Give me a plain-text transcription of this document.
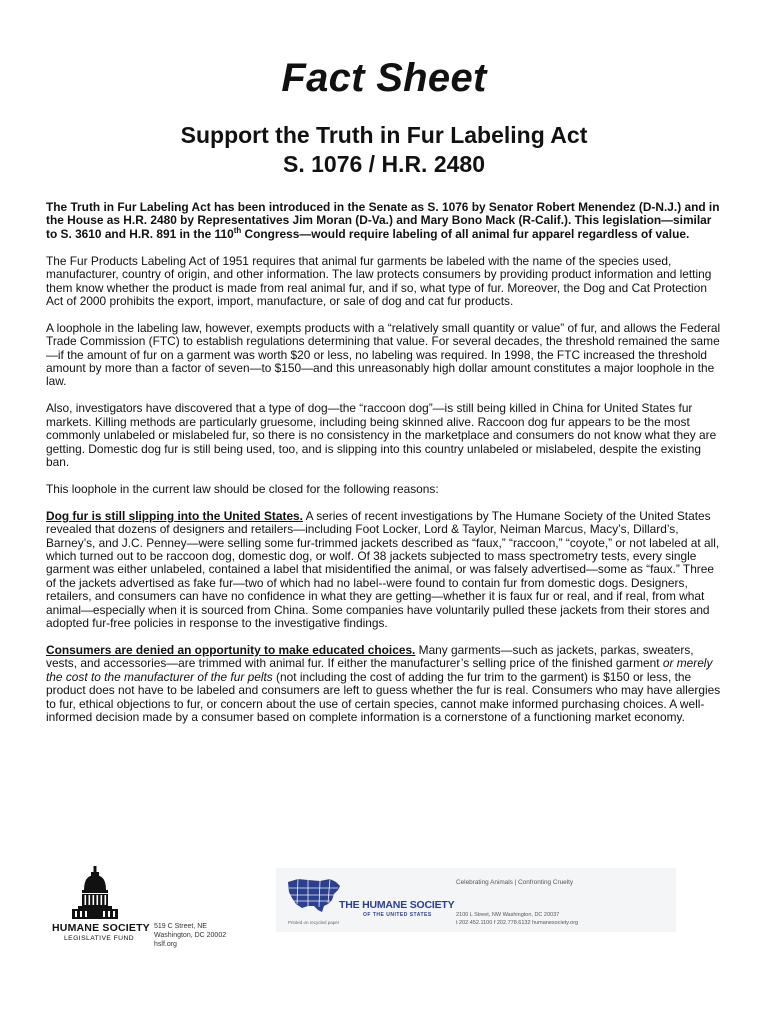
Fact Sheet
Support the Truth in Fur Labeling Act
S. 1076 / H.R. 2480

The Truth in Fur Labeling Act has been introduced in the Senate as S. 1076 by Senator Robert Menendez (D-N.J.) and in the House as H.R. 2480 by Representatives Jim Moran (D-Va.) and Mary Bono Mack (R-Calif.). This legislation—similar to S. 3610 and H.R. 891 in the 110th Congress—would require labeling of all animal fur apparel regardless of value.

The Fur Products Labeling Act of 1951 requires that animal fur garments be labeled with the name of the species used, manufacturer, country of origin, and other information. The law protects consumers by providing product information and letting them know whether the product is made from real animal fur, and if so, what type of fur. Moreover, the Dog and Cat Protection Act of 2000 prohibits the export, import, manufacture, or sale of dog and cat fur products.

A loophole in the labeling law, however, exempts products with a “relatively small quantity or value” of fur, and allows the Federal Trade Commission (FTC) to establish regulations determining that value. For several decades, the threshold remained the same—if the amount of fur on a garment was worth $20 or less, no labeling was required. In 1998, the FTC increased the threshold amount by more than a factor of seven—to $150—and this unreasonably high dollar amount constitutes a major loophole in the law.

Also, investigators have discovered that a type of dog—the “raccoon dog”—is still being killed in China for United States fur markets. Killing methods are particularly gruesome, including being skinned alive. Raccoon dog fur appears to be the most commonly unlabeled or mislabeled fur, so there is no consistency in the marketplace and consumers do not know what they are getting. Domestic dog fur is still being used, too, and is slipping into this country unlabeled or mislabeled, despite the existing ban.

This loophole in the current law should be closed for the following reasons:

Dog fur is still slipping into the United States. A series of recent investigations by The Humane Society of the United States revealed that dozens of designers and retailers—including Foot Locker, Lord & Taylor, Neiman Marcus, Macy’s, Dillard’s, Barney’s, and J.C. Penney—were selling some fur-trimmed jackets described as “faux,” “raccoon,” “coyote,” or not labeled at all, which turned out to be raccoon dog, domestic dog, or wolf. Of 38 jackets subjected to mass spectrometry tests, every single garment was either unlabeled, contained a label that misidentified the animal, or was falsely advertised—some as “faux.” Three of the jackets advertised as fake fur—two of which had no label--were found to contain fur from domestic dogs. Designers, retailers, and consumers can have no confidence in what they are getting—whether it is faux fur or real, and if real, from what animal—especially when it is sourced from China. Some companies have voluntarily pulled these jackets from their stores and adopted fur-free policies in response to the investigative findings.

Consumers are denied an opportunity to make educated choices. Many garments—such as jackets, parkas, sweaters, vests, and accessories—are trimmed with animal fur. If either the manufacturer’s selling price of the finished garment or merely the cost to the manufacturer of the fur pelts (not including the cost of adding the fur trim to the garment) is $150 or less, the product does not have to be labeled and consumers are left to guess whether the fur is real. Consumers who may have allergies to fur, ethical objections to fur, or concern about the use of certain species, cannot make informed purchasing choices. A well-informed decision made by a consumer based on complete information is a cornerstone of a functioning market economy.

HUMANE SOCIETY
LEGISLATIVE FUND
519 C Street, NE
Washington, DC 20002
hslf.org
Printed on recycled paper
THE HUMANE SOCIETY
OF THE UNITED STATES
Celebrating Animals | Confronting Cruelty
2100 L Street, NW Washington, DC 20037
t 202.452.1100 f 202.778.6132 humanesociety.org
